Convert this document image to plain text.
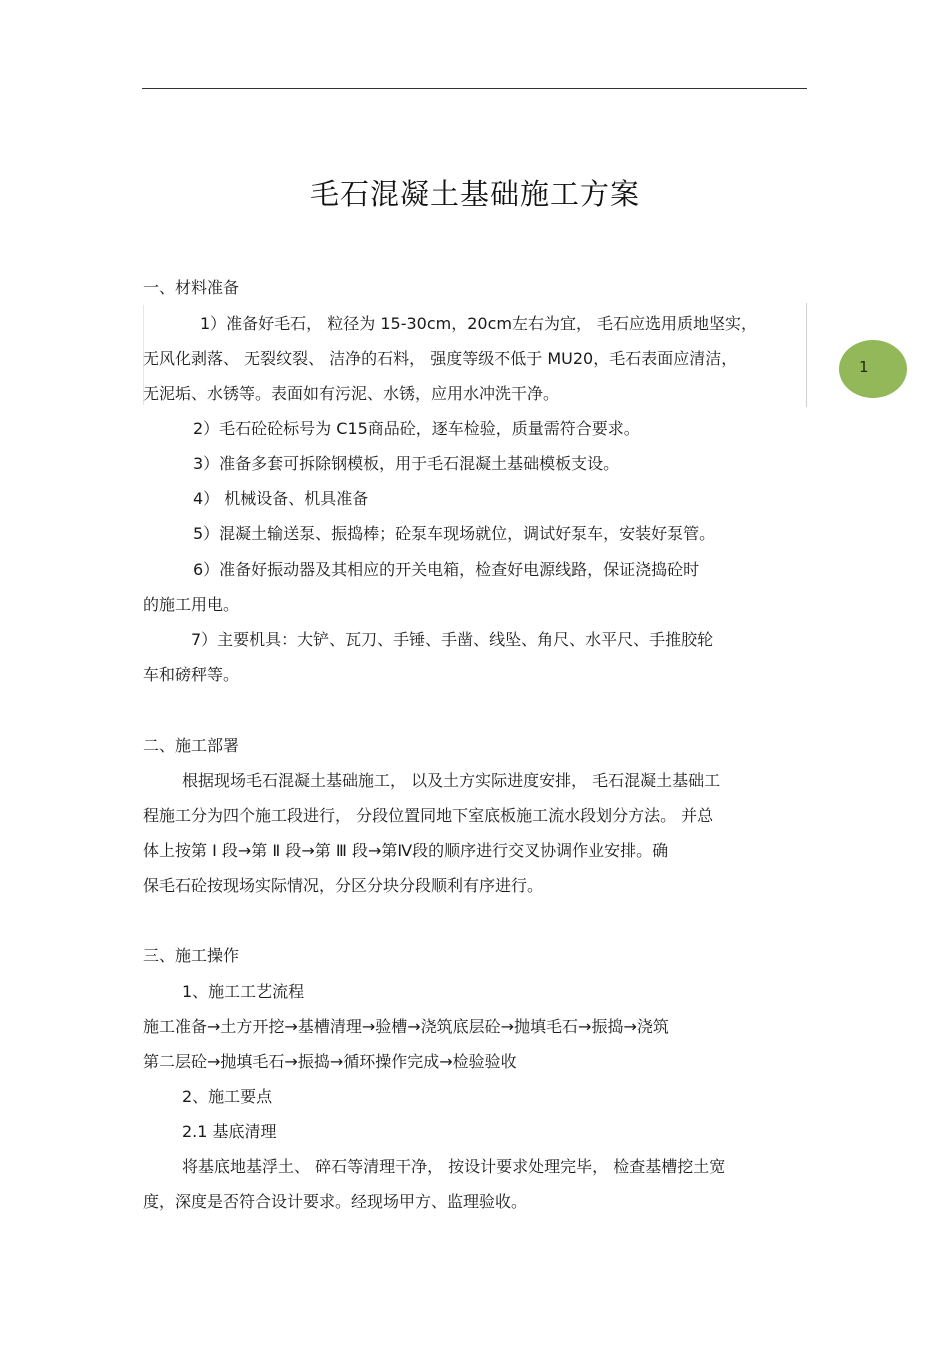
毛石混凝土基础施工方案
1
一、材料准备
1）准备好毛石， 粒径为 15-30cm，20cm左右为宜， 毛石应选用质地坚实，
无风化剥落、 无裂纹裂、 洁净的石料， 强度等级不低于 MU20，毛石表面应清洁，
无泥垢、水锈等。表面如有污泥、水锈，应用水冲洗干净。
2）毛石砼砼标号为 C15商品砼，逐车检验，质量需符合要求。
3）准备多套可拆除钢模板，用于毛石混凝土基础模板支设。
4） 机械设备、机具准备
5）混凝土输送泵、振捣棒；砼泵车现场就位，调试好泵车，安装好泵管。
6）准备好振动器及其相应的开关电箱，检查好电源线路，保证浇捣砼时
的施工用电。
7）主要机具：大铲、瓦刀、手锤、手凿、线坠、角尺、水平尺、手推胶轮
车和磅秤等。
二、施工部署
根据现场毛石混凝土基础施工， 以及土方实际进度安排， 毛石混凝土基础工
程施工分为四个施工段进行， 分段位置同地下室底板施工流水段划分方法。 并总
体上按第 Ⅰ 段→第 Ⅱ 段→第 Ⅲ 段→第Ⅳ段的顺序进行交叉协调作业安排。确
保毛石砼按现场实际情况，分区分块分段顺利有序进行。
三、施工操作
1、施工工艺流程
施工准备→土方开挖→基槽清理→验槽→浇筑底层砼→抛填毛石→振捣→浇筑
第二层砼→抛填毛石→振捣→循环操作完成→检验验收
2、施工要点
2.1 基底清理
将基底地基浮土、 碎石等清理干净， 按设计要求处理完毕， 检查基槽挖土宽
度，深度是否符合设计要求。经现场甲方、监理验收。
